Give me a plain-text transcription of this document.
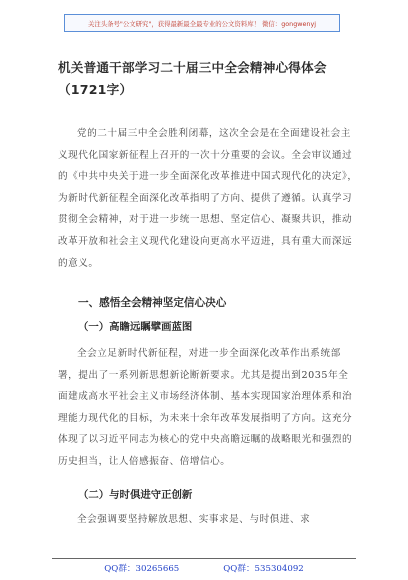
关注头条号"公文研究"，获得最新最全最专业的公文资料库！ 微信：gongwenyj
机关普通干部学习二十届三中全会精神心得体会（1721字）

党的二十届三中全会胜利闭幕，这次全会是在全面建设社会主义现代化国家新征程上召开的一次十分重要的会议。全会审议通过的《中共中央关于进一步全面深化改革推进中国式现代化的决定》，为新时代新征程全面深化改革指明了方向、提供了遵循。认真学习贯彻全会精神，对于进一步统一思想、坚定信心、凝聚共识，推动改革开放和社会主义现代化建设向更高水平迈进，具有重大而深远的意义。

一、感悟全会精神坚定信心决心
（一）高瞻远瞩擘画蓝图

全会立足新时代新征程，对进一步全面深化改革作出系统部署，提出了一系列新思想新论断新要求。尤其是提出到2035年全面建成高水平社会主义市场经济体制、基本实现国家治理体系和治理能力现代化的目标，为未来十余年改革发展指明了方向。这充分体现了以习近平同志为核心的党中央高瞻远瞩的战略眼光和强烈的历史担当，让人倍感振奋、倍增信心。

（二）与时俱进守正创新

全会强调要坚持解放思想、实事求是、与时俱进、求

QQ群：30265665	QQ群：535304092
